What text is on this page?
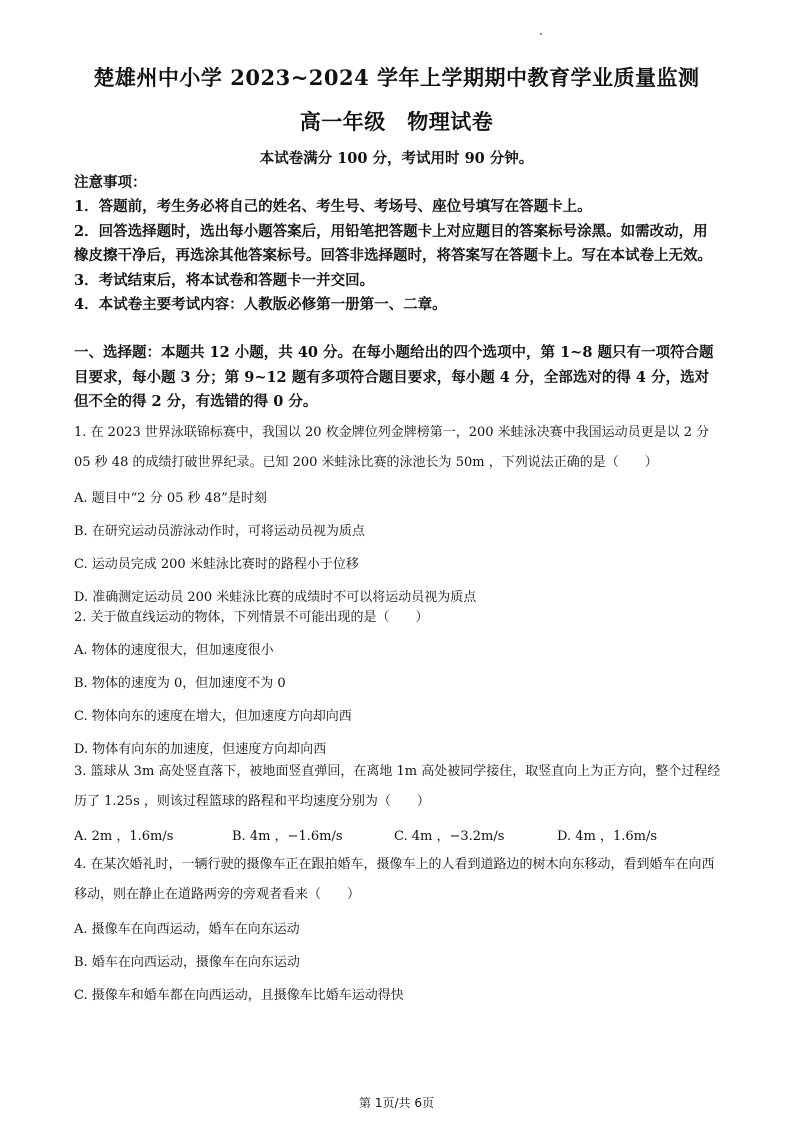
楚雄州中小学 2023~2024 学年上学期期中教育学业质量监测
高一年级　物理试卷
本试卷满分 100 分，考试用时 90 分钟。
注意事项：

1．答题前，考生务必将自己的姓名、考生号、考场号、座位号填写在答题卡上。

2．回答选择题时，选出每小题答案后，用铅笔把答题卡上对应题目的答案标号涂黑。如需改动，用橡皮擦干净后，再选涂其他答案标号。回答非选择题时，将答案写在答题卡上。写在本试卷上无效。

3．考试结束后，将本试卷和答题卡一并交回。

4．本试卷主要考试内容：人教版必修第一册第一、二章。

一、选择题：本题共 12 小题，共 40 分。在每小题给出的四个选项中，第 1~8 题只有一项符合题目要求，每小题 3 分；第 9~12 题有多项符合题目要求，每小题 4 分，全部选对的得 4 分，选对但不全的得 2 分，有选错的得 0 分。

1. 在 2023 世界泳联锦标赛中，我国以 20 枚金牌位列金牌榜第一，200 米蛙泳决赛中我国运动员更是以 2 分 05 秒 48 的成绩打破世界纪录。已知 200 米蛙泳比赛的泳池长为 50m ，下列说法正确的是（　　）

A. 题目中“2 分 05 秒 48”是时刻

B. 在研究运动员游泳动作时，可将运动员视为质点

C. 运动员完成 200 米蛙泳比赛时的路程小于位移

D. 准确测定运动员 200 米蛙泳比赛的成绩时不可以将运动员视为质点

2. 关于做直线运动的物体，下列情景不可能出现的是（　　）

A. 物体的速度很大，但加速度很小

B. 物体的速度为 0，但加速度不为 0

C. 物体向东的速度在增大，但加速度方向却向西

D. 物体有向东的加速度，但速度方向却向西

3. 篮球从 3m 高处竖直落下，被地面竖直弹回，在离地 1m 高处被同学接住，取竖直向上为正方向，整个过程经历了 1.25s ，则该过程篮球的路程和平均速度分别为（　　）

A. 2m ，1.6m/s	B. 4m ，−1.6m/s	C. 4m ，−3.2m/s	D. 4m ，1.6m/s

4. 在某次婚礼时，一辆行驶的摄像车正在跟拍婚车，摄像车上的人看到道路边的树木向东移动，看到婚车在向西移动，则在静止在道路两旁的旁观者看来（　　）

A. 摄像车在向西运动，婚车在向东运动

B. 婚车在向西运动，摄像车在向东运动

C. 摄像车和婚车都在向西运动，且摄像车比婚车运动得快

第 1页/共 6页
